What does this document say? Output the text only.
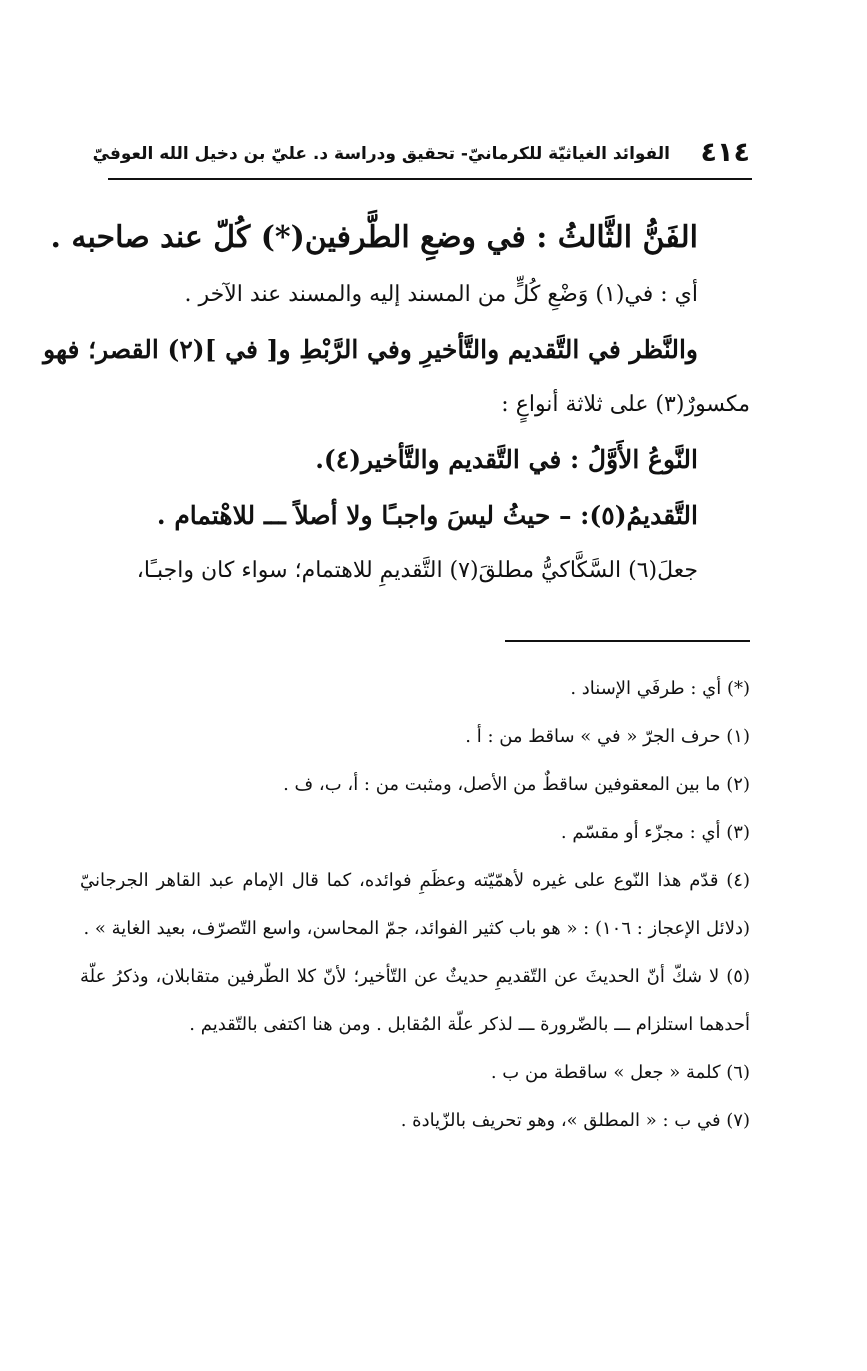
٤١٤
الفوائد الغياثيّة للكرمانيّ- تحقيق ودراسة د. عليّ بن دخيل الله العوفيّ
الفَنُّ الثَّالثُ : في وضعِ الطَّرفين(*) كُلّ عند صاحبه .
أي : في(١) وَضْعِ كُلٍّ من المسند إليه والمسند عند الآخر .
والنَّظر في التَّقديم والتَّأخيرِ وفي الرَّبْطِ و[ في ](٢) القصر؛ فهو
مكسورٌ(٣) على ثلاثة أنواعٍ :
النَّوعُ الأَوَّلُ : في التَّقديم والتَّأخير(٤).
التَّقديمُ(٥): – حيثُ ليسَ واجبـًا ولا أصلاً ـــ للاهْتمام .
جعلَ(٦) السَّكَّاكيُّ مطلقَ(٧) التَّقديمِ للاهتمام؛ سواء كان واجبـًا،
(*) أي : طرفَي الإسناد .
(١) حرف الجرّ « في » ساقط من : أ .
(٢) ما بين المعقوفين ساقطٌ من الأصل، ومثبت من : أ، ب، ف .
(٣) أي : مجزّء أو مقسّم .
(٤) قدّم هذا النّوع على غيره لأهمّيّته وعظَمِ فوائده، كما قال الإمام عبد القاهر الجرجانيّ (دلائل الإعجاز : ١٠٦) : « هو باب كثير الفوائد، جمّ المحاسن، واسع التّصرّف، بعيد الغاية » .
(٥) لا شكّ أنّ الحديثَ عن التّقديمِ حديثٌ عن التّأخير؛ لأنّ كلا الطّرفين متقابلان، وذكرُ علّة أحدهما استلزام ـــ بالضّرورة ـــ لذكر علّة المُقابل . ومن هنا اكتفى بالتّقديم .
(٦) كلمة « جعل » ساقطة من ب .
(٧) في ب : « المطلق »، وهو تحريف بالزّيادة .
